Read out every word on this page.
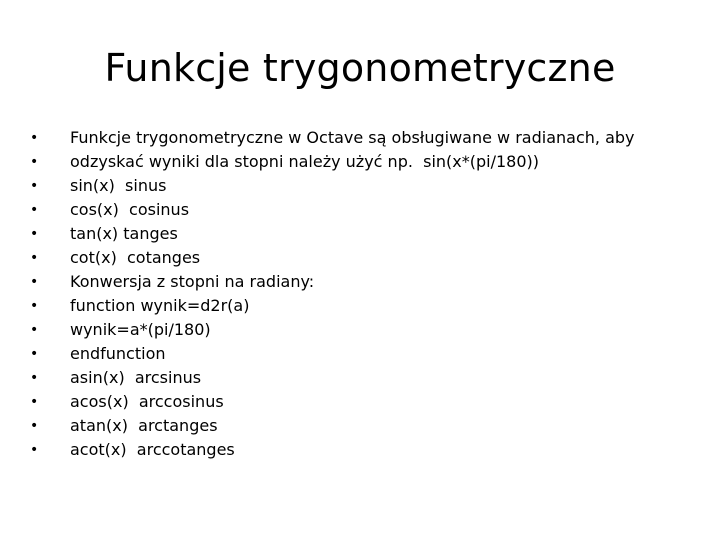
Funkcje trygonometryczne
•	Funkcje trygonometryczne w Octave są obsługiwane w radianach, aby
•	odzyskać wyniki dla stopni należy użyć np.  sin(x*(pi/180))
•	sin(x)  sinus
•	cos(x)  cosinus
•	tan(x) tanges
•	cot(x)  cotanges
•	Konwersja z stopni na radiany:
•	function wynik=d2r(a)
•	wynik=a*(pi/180)
•	endfunction
•	asin(x)  arcsinus
•	acos(x)  arccosinus
•	atan(x)  arctanges
•	acot(x)  arccotanges
